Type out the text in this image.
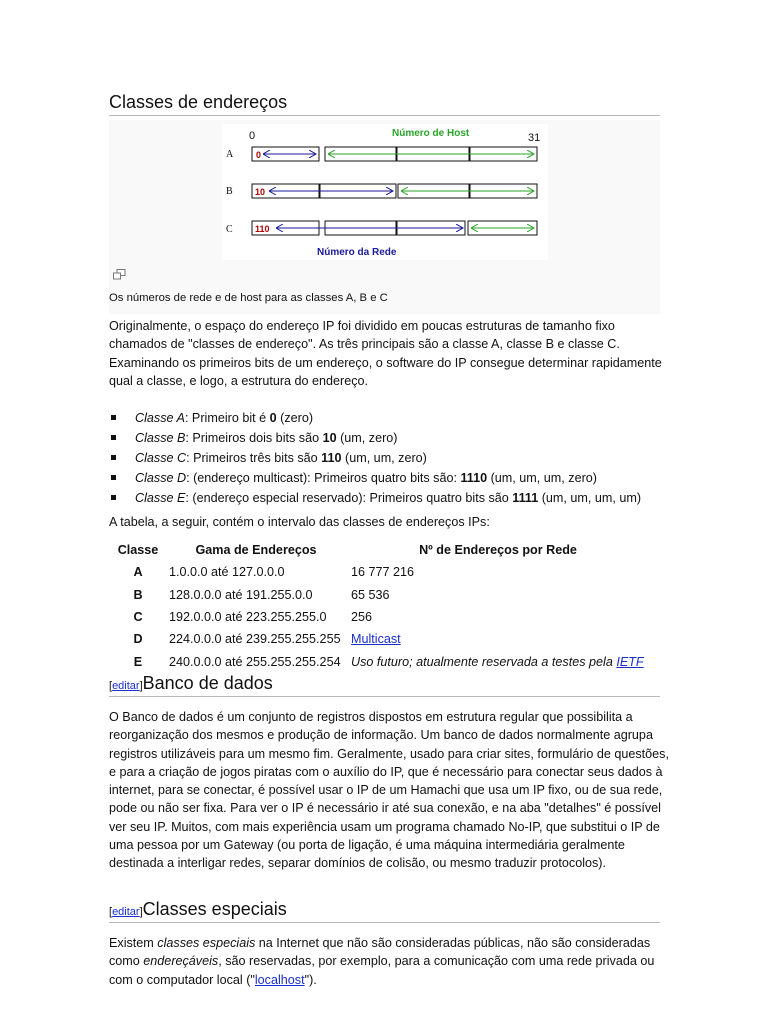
Classes de endereços
0	31
Número de Host
A	0
B 10
C 110
Número da Rede
Os números de rede e de host para as classes A, B e C
Originalmente, o espaço do endereço IP foi dividido em poucas estruturas de tamanho fixo chamados de "classes de endereço". As três principais são a classe A, classe B e classe C. Examinando os primeiros bits de um endereço, o software do IP consegue determinar rapidamente qual a classe, e logo, a estrutura do endereço.
Classe A: Primeiro bit é 0 (zero)
Classe B: Primeiros dois bits são 10 (um, zero)
Classe C: Primeiros três bits são 110 (um, um, zero)
Classe D: (endereço multicast): Primeiros quatro bits são: 1110 (um, um, um, zero)
Classe E: (endereço especial reservado): Primeiros quatro bits são 1111 (um, um, um, um)
A tabela, a seguir, contém o intervalo das classes de endereços IPs:
Classe	Gama de Endereços	Nº de Endereços por Rede
A	1.0.0.0 até 127.0.0.0	16 777 216
B	128.0.0.0 até 191.255.0.0	65 536
C	192.0.0.0 até 223.255.255.0	256
D	224.0.0.0 até 239.255.255.255	Multicast
E	240.0.0.0 até 255.255.255.254	Uso futuro; atualmente reservada a testes pela IETF
[editar]Banco de dados
O Banco de dados é um conjunto de registros dispostos em estrutura regular que possibilita a reorganização dos mesmos e produção de informação. Um banco de dados normalmente agrupa registros utilizáveis para um mesmo fim. Geralmente, usado para criar sites, formulário de questões, e para a criação de jogos piratas com o auxílio do IP, que é necessário para conectar seus dados à internet, para se conectar, é possível usar o IP de um Hamachi que usa um IP fixo, ou de sua rede, pode ou não ser fixa. Para ver o IP é necessário ir até sua conexão, e na aba "detalhes" é possível ver seu IP. Muitos, com mais experiência usam um programa chamado No-IP, que substitui o IP de uma pessoa por um Gateway (ou porta de ligação, é uma máquina intermediária geralmente destinada a interligar redes, separar domínios de colisão, ou mesmo traduzir protocolos).
[editar]Classes especiais
Existem classes especiais na Internet que não são consideradas públicas, não são consideradas como endereçáveis, são reservadas, por exemplo, para a comunicação com uma rede privada ou com o computador local ("localhost").
